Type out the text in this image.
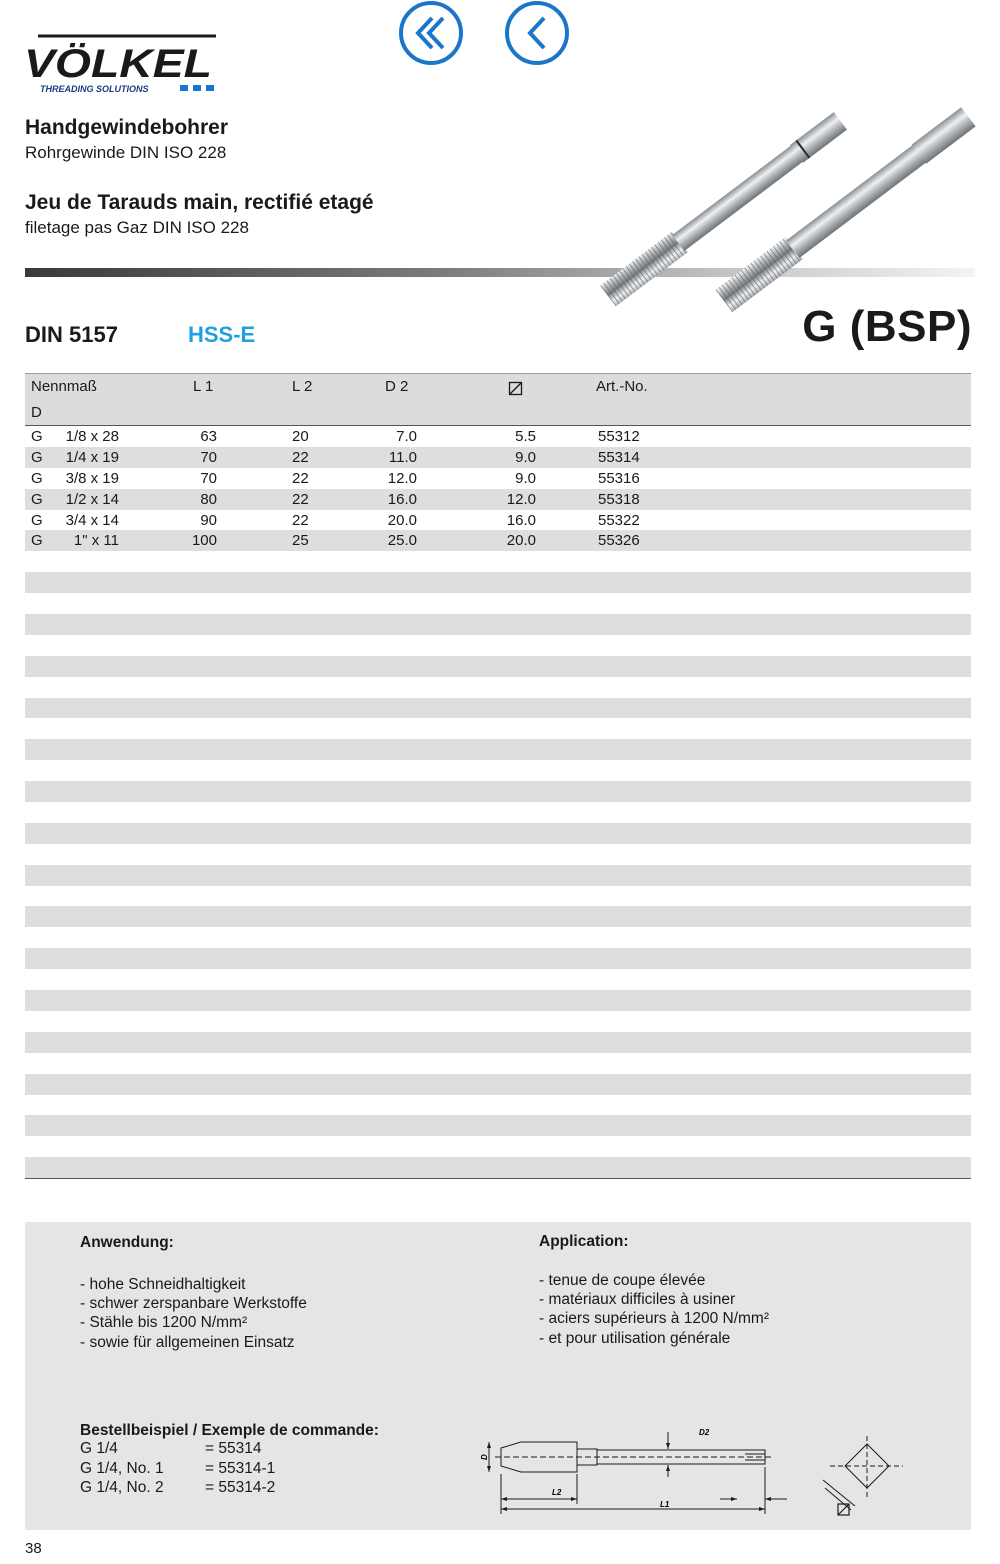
VÖLKEL
THREADING SOLUTIONS
Handgewindebohrer
Rohrgewinde DIN ISO 228
Jeu de Tarauds main, rectifié etagé
filetage pas Gaz DIN ISO 228
DIN 5157	HSS-E	G (BSP)
Nennmaß
D
L 1	L 2	D 2	Art.-No.
G	1/8 x 28	63	20	7.0	5.5	55312
G	1/4 x 19	70	22	11.0	9.0	55314
G	3/8 x 19	70	22	12.0	9.0	55316
G	1/2 x 14	80	22	16.0	12.0	55318
G	3/4 x 14	90	22	20.0	16.0	55322
G	1" x 11	100	25	25.0	20.0	55326
Anwendung:
- hohe Schneidhaltigkeit
- schwer zerspanbare Werkstoffe
- Stähle bis 1200 N/mm²
- sowie für allgemeinen Einsatz
Application:
- tenue de coupe élevée
- matériaux difficiles à usiner
- aciers supérieurs à 1200 N/mm²
- et pour utilisation générale
Bestellbeispiel / Exemple de commande:
G 1/4	= 55314
G 1/4, No. 1	= 55314-1
G 1/4, No. 2	= 55314-2
D
D2
L2
L1
38
